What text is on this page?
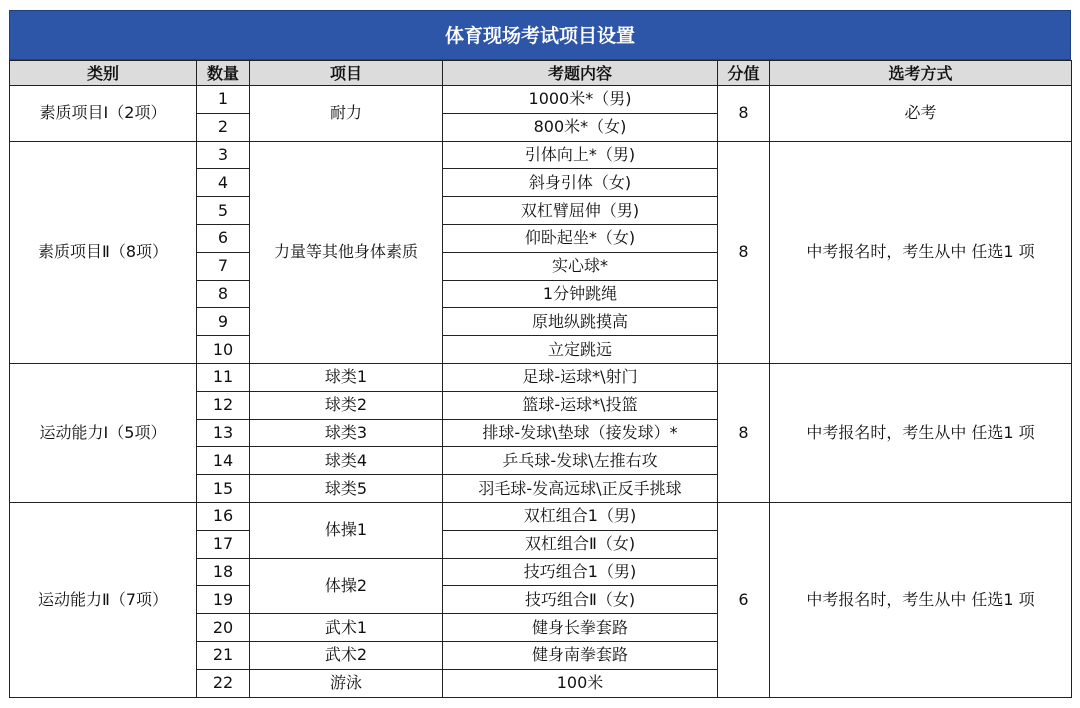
体育现场考试项目设置
类别	数量	项目	考题内容	分值	选考方式
素质项目Ⅰ（2项）	1	耐力	1000米*（男)	8	必考
	2		800米*（女)		
素质项目Ⅱ（8项）	3	力量等其他身体素质	引体向上*（男)	8	中考报名时，考生从中 任选1 项
	4		斜身引体（女)		
	5		双杠臂屈伸（男)		
	6		仰卧起坐*（女)		
	7		实心球*		
	8		1分钟跳绳		
	9		原地纵跳摸高		
	10		立定跳远		
运动能力Ⅰ（5项）	11	球类1	足球-运球*\射门	8	中考报名时，考生从中 任选1 项
	12	球类2	篮球-运球*\投篮		
	13	球类3	排球-发球\垫球（接发球）*		
	14	球类4	乒乓球-发球\左推右攻		
	15	球类5	羽毛球-发高远球\正反手挑球		
运动能力Ⅱ（7项）	16	体操1	双杠组合1（男)	6	中考报名时，考生从中 任选1 项
	17		双杠组合Ⅱ（女)		
	18	体操2	技巧组合1（男)		
	19		技巧组合Ⅱ（女)		
	20	武术1	健身长拳套路		
	21	武术2	健身南拳套路		
	22	游泳	100米		
